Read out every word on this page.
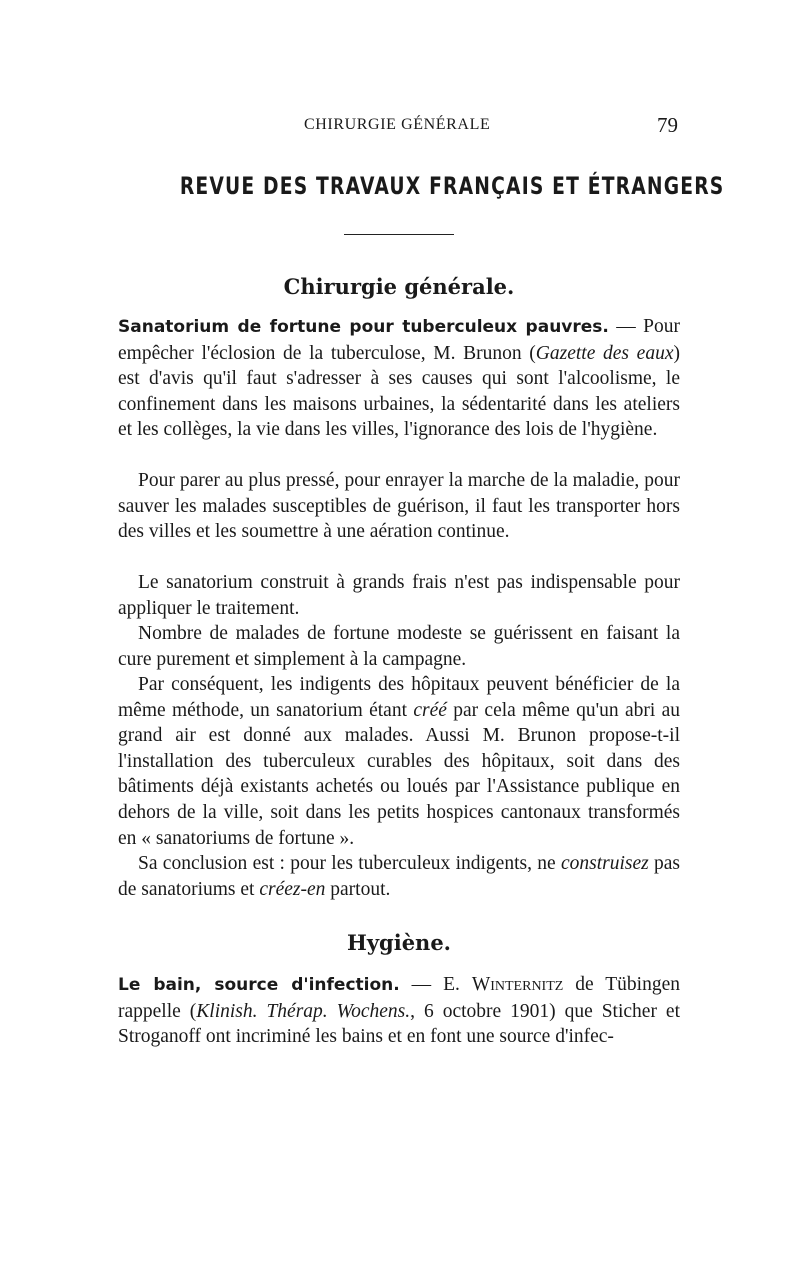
CHIRURGIE GÉNÉRALE	79
REVUE DES TRAVAUX FRANÇAIS ET ÉTRANGERS
Chirurgie générale.

Sanatorium de fortune pour tuberculeux pauvres. — Pour empêcher l'éclosion de la tuberculose, M. Brunon (Gazette des eaux) est d'avis qu'il faut s'adresser à ses causes qui sont l'alcoolisme, le confinement dans les maisons urbaines, la sédentarité dans les ateliers et les collèges, la vie dans les villes, l'ignorance des lois de l'hygiène.

Pour parer au plus pressé, pour enrayer la marche de la maladie, pour sauver les malades susceptibles de guérison, il faut les transporter hors des villes et les soumettre à une aération continue.

Le sanatorium construit à grands frais n'est pas indispensable pour appliquer le traitement.

Nombre de malades de fortune modeste se guérissent en faisant la cure purement et simplement à la campagne.

Par conséquent, les indigents des hôpitaux peuvent bénéficier de la même méthode, un sanatorium étant créé par cela même qu'un abri au grand air est donné aux malades. Aussi M. Brunon propose-t-il l'installation des tuberculeux curables des hôpitaux, soit dans des bâtiments déjà existants achetés ou loués par l'Assistance publique en dehors de la ville, soit dans les petits hospices cantonaux transformés en « sanatoriums de fortune ».

Sa conclusion est : pour les tuberculeux indigents, ne construisez pas de sanatoriums et créez-en partout.

Hygiène.

Le bain, source d'infection. — E. Winternitz de Tübingen rappelle (Klinish. Thérap. Wochens., 6 octobre 1901) que Sticher et Stroganoff ont incriminé les bains et en font une source d'infec-
